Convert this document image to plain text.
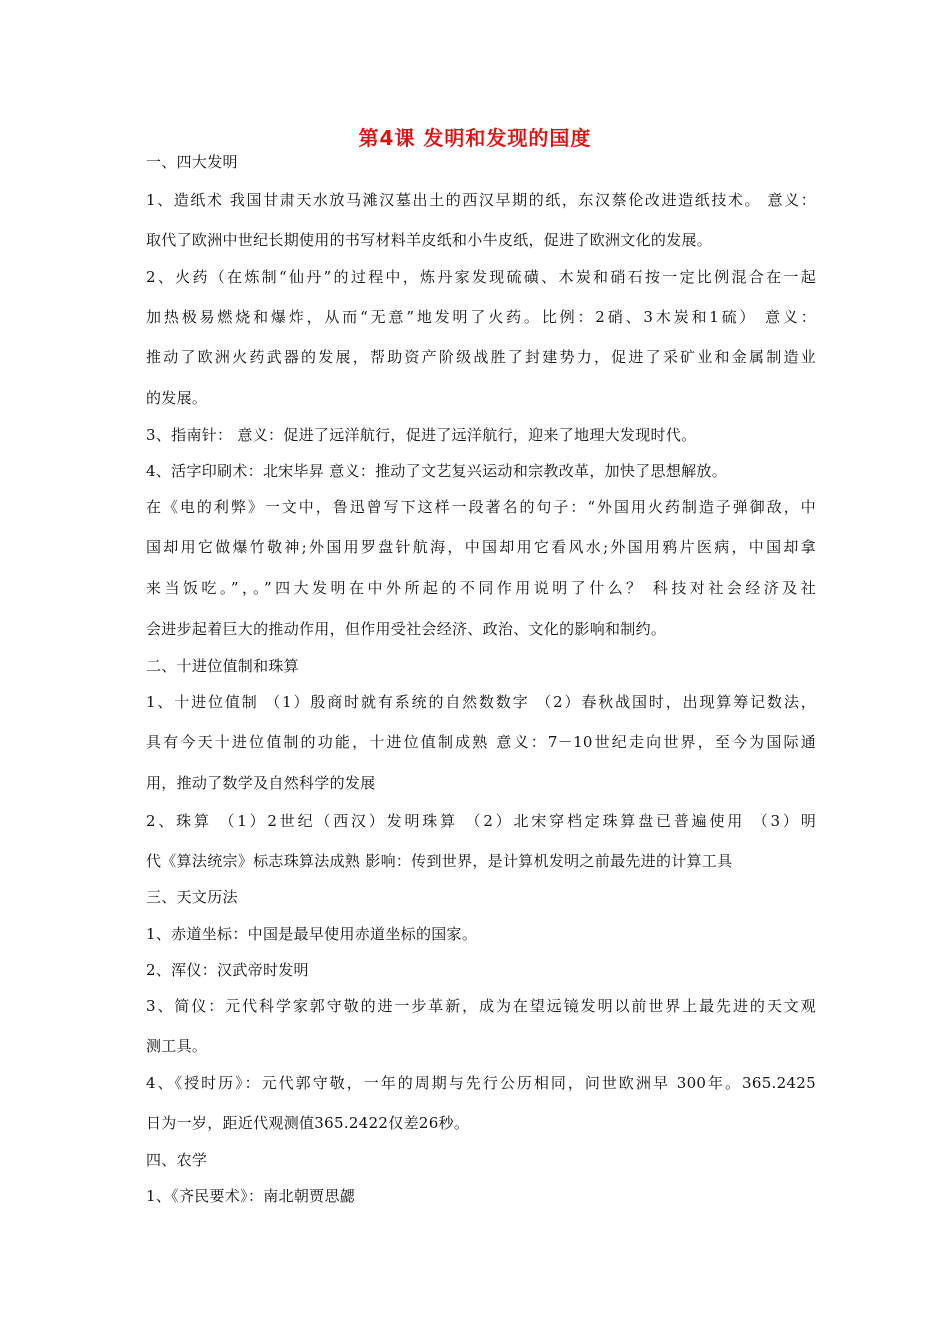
第4课 发明和发现的国度
一、四大发明
1、造纸术 我国甘肃天水放马滩汉墓出土的西汉早期的纸，东汉蔡伦改进造纸技术。 意义：
取代了欧洲中世纪长期使用的书写材料羊皮纸和小牛皮纸，促进了欧洲文化的发展。
2、火药（在炼制“仙丹”的过程中，炼丹家发现硫磺、木炭和硝石按一定比例混合在一起
加热极易燃烧和爆炸，从而“无意”地发明了火药。比例：2硝、3木炭和1硫） 意义：
推动了欧洲火药武器的发展，帮助资产阶级战胜了封建势力，促进了采矿业和金属制造业
的发展。
3、指南针： 意义：促进了远洋航行，促进了远洋航行，迎来了地理大发现时代。
4、活字印刷术：北宋毕昇 意义：推动了文艺复兴运动和宗教改革，加快了思想解放。
在《电的利弊》一文中，鲁迅曾写下这样一段著名的句子：“外国用火药制造子弹御敌，中
国却用它做爆竹敬神;外国用罗盘针航海，中国却用它看风水;外国用鸦片医病，中国却拿
来当饭吃。”，。”四大发明在中外所起的不同作用说明了什么？ 科技对社会经济及社
会进步起着巨大的推动作用，但作用受社会经济、政治、文化的影响和制约。
二、十进位值制和珠算
1、十进位值制 （1）殷商时就有系统的自然数数字 （2）春秋战国时，出现算筹记数法，
具有今天十进位值制的功能，十进位值制成熟 意义：7－10世纪走向世界，至今为国际通
用，推动了数学及自然科学的发展
2、珠算 （1）2世纪（西汉）发明珠算 （2）北宋穿档定珠算盘已普遍使用 （3）明
代《算法统宗》标志珠算法成熟 影响：传到世界，是计算机发明之前最先进的计算工具
三、天文历法
1、赤道坐标：中国是最早使用赤道坐标的国家。
2、浑仪：汉武帝时发明
3、简仪：元代科学家郭守敬的进一步革新，成为在望远镜发明以前世界上最先进的天文观
测工具。
4、《授时历》：元代郭守敬，一年的周期与先行公历相同，问世欧洲早 300年。365.2425
日为一岁，距近代观测值365.2422仅差26秒。
四、农学
1、《齐民要术》：南北朝贾思勰
